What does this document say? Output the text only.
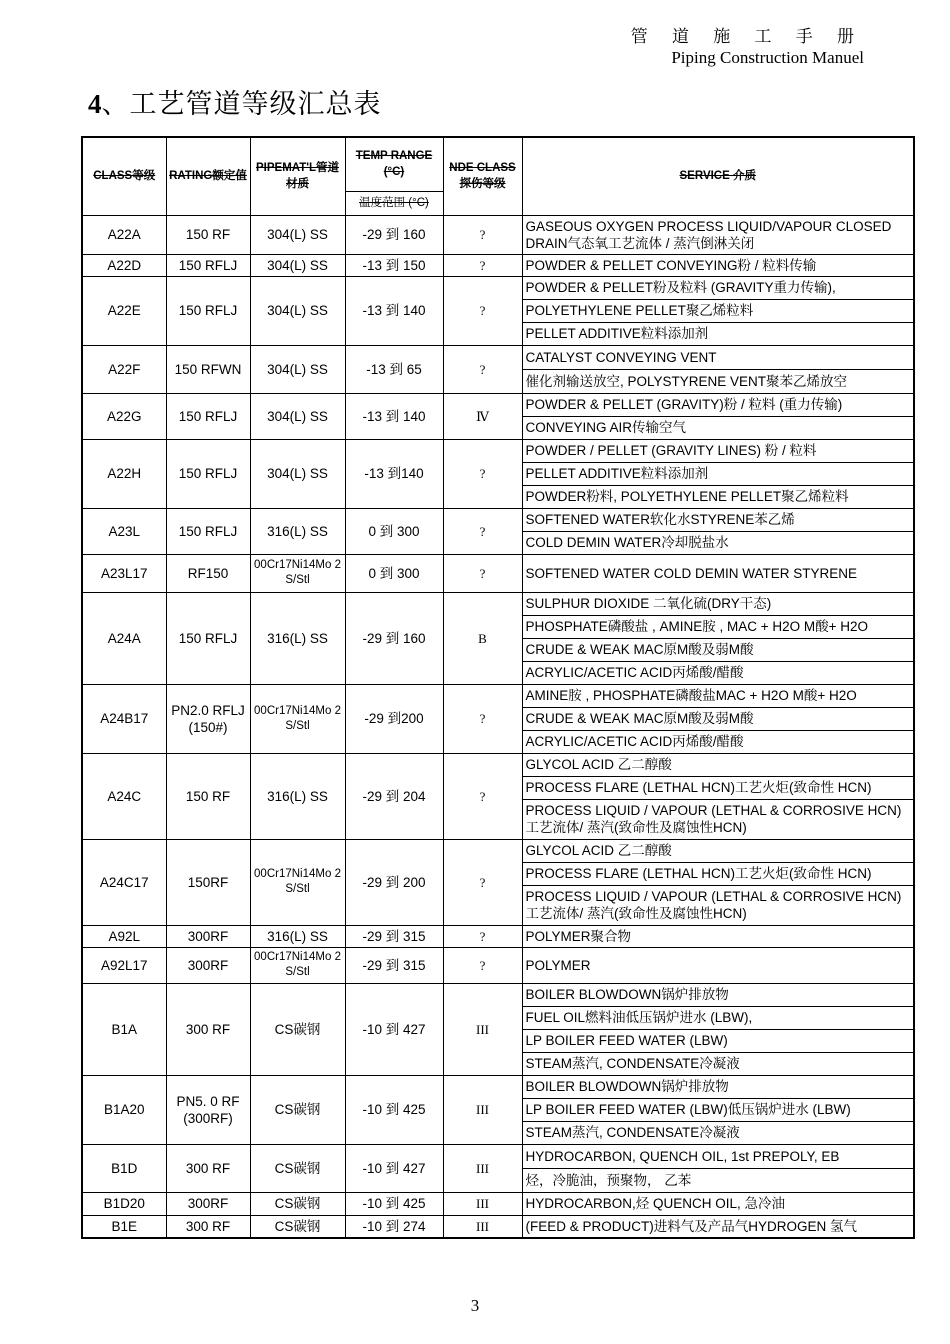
管 道 施 工 手 册
Piping Construction Manuel
4、工艺管道等级汇总表
CLASS等级	RATING额定值	PIPEMAT'L管道材质	TEMP RANGE (°C)	NDE CLASS探伤等级	SERVICE 介质
			温度范围 (°C)		
A22A	150 RF	304(L) SS	-29 到 160	?	GASEOUS OXYGEN PROCESS LIQUID/VAPOUR CLOSED DRAIN气态氧工艺流体 / 蒸汽倒淋关闭
A22D	150 RFLJ	304(L) SS	-13 到 150	?	POWDER & PELLET CONVEYING粉 / 粒料传输
A22E	150 RFLJ	304(L) SS	-13 到 140	?	POWDER & PELLET粉及粒料 (GRAVITY重力传输),
					POLYETHYLENE PELLET聚乙烯粒料
					PELLET ADDITIVE粒料添加剂
A22F	150 RFWN	304(L) SS	-13 到 65	?	CATALYST CONVEYING VENT
					催化剂输送放空, POLYSTYRENE VENT聚苯乙烯放空
A22G	150 RFLJ	304(L) SS	-13 到 140	Ⅳ	POWDER & PELLET (GRAVITY)粉 / 粒料 (重力传输)
					CONVEYING AIR传输空气
A22H	150 RFLJ	304(L) SS	-13 到140	?	POWDER / PELLET (GRAVITY LINES) 粉 / 粒料
					PELLET ADDITIVE粒料添加剂
					POWDER粉料, POLYETHYLENE PELLET聚乙烯粒料
A23L	150 RFLJ	316(L) SS	0 到 300	?	SOFTENED WATER软化水STYRENE苯乙烯
					COLD DEMIN WATER冷却脱盐水
A23L17	RF150	00Cr17Ni14Mo 2 S/Stl	0 到 300	?	SOFTENED WATER COLD DEMIN WATER STYRENE
A24A	150 RFLJ	316(L) SS	-29 到 160	B	SULPHUR DIOXIDE 二氧化硫(DRY干态)
					PHOSPHATE磷酸盐 , AMINE胺 , MAC + H2O M酸+ H2O
					CRUDE & WEAK MAC原M酸及弱M酸
					ACRYLIC/ACETIC ACID丙烯酸/醋酸
A24B17	PN2.0 RFLJ (150#)	00Cr17Ni14Mo 2 S/Stl	-29 到200	?	AMINE胺 , PHOSPHATE磷酸盐MAC + H2O M酸+ H2O
					CRUDE & WEAK MAC原M酸及弱M酸
					ACRYLIC/ACETIC ACID丙烯酸/醋酸
A24C	150 RF	316(L) SS	-29 到 204	?	GLYCOL ACID 乙二醇酸
					PROCESS FLARE (LETHAL HCN)工艺火炬(致命性 HCN)
					PROCESS LIQUID / VAPOUR (LETHAL & CORROSIVE HCN)工艺流体/ 蒸汽(致命性及腐蚀性HCN)
A24C17	150RF	00Cr17Ni14Mo 2 S/Stl	-29 到 200	?	GLYCOL ACID 乙二醇酸
					PROCESS FLARE (LETHAL HCN)工艺火炬(致命性 HCN)
					PROCESS LIQUID / VAPOUR (LETHAL & CORROSIVE HCN)工艺流体/ 蒸汽(致命性及腐蚀性HCN)
A92L	300RF	316(L) SS	-29 到 315	?	POLYMER聚合物
A92L17	300RF	00Cr17Ni14Mo 2 S/Stl	-29 到 315	?	POLYMER
B1A	300 RF	CS碳钢	-10 到 427	III	BOILER BLOWDOWN锅炉排放物
					FUEL OIL燃料油低压锅炉进水 (LBW),
					LP BOILER FEED WATER (LBW)
					STEAM蒸汽, CONDENSATE冷凝液
B1A20	PN5. 0 RF (300RF)	CS碳钢	-10 到 425	III	BOILER BLOWDOWN锅炉排放物
					LP BOILER FEED WATER (LBW)低压锅炉进水 (LBW)
					STEAM蒸汽, CONDENSATE冷凝液
B1D	300 RF	CS碳钢	-10 到 427	III	HYDROCARBON, QUENCH OIL, 1st PREPOLY, EB
					烃，冷脆油，预聚物， 乙苯
B1D20	300RF	CS碳钢	-10 到 425	III	HYDROCARBON,烃 QUENCH OIL, 急冷油
B1E	300 RF	CS碳钢	-10 到 274	III	(FEED & PRODUCT)进料气及产品气HYDROGEN 氢气
3
